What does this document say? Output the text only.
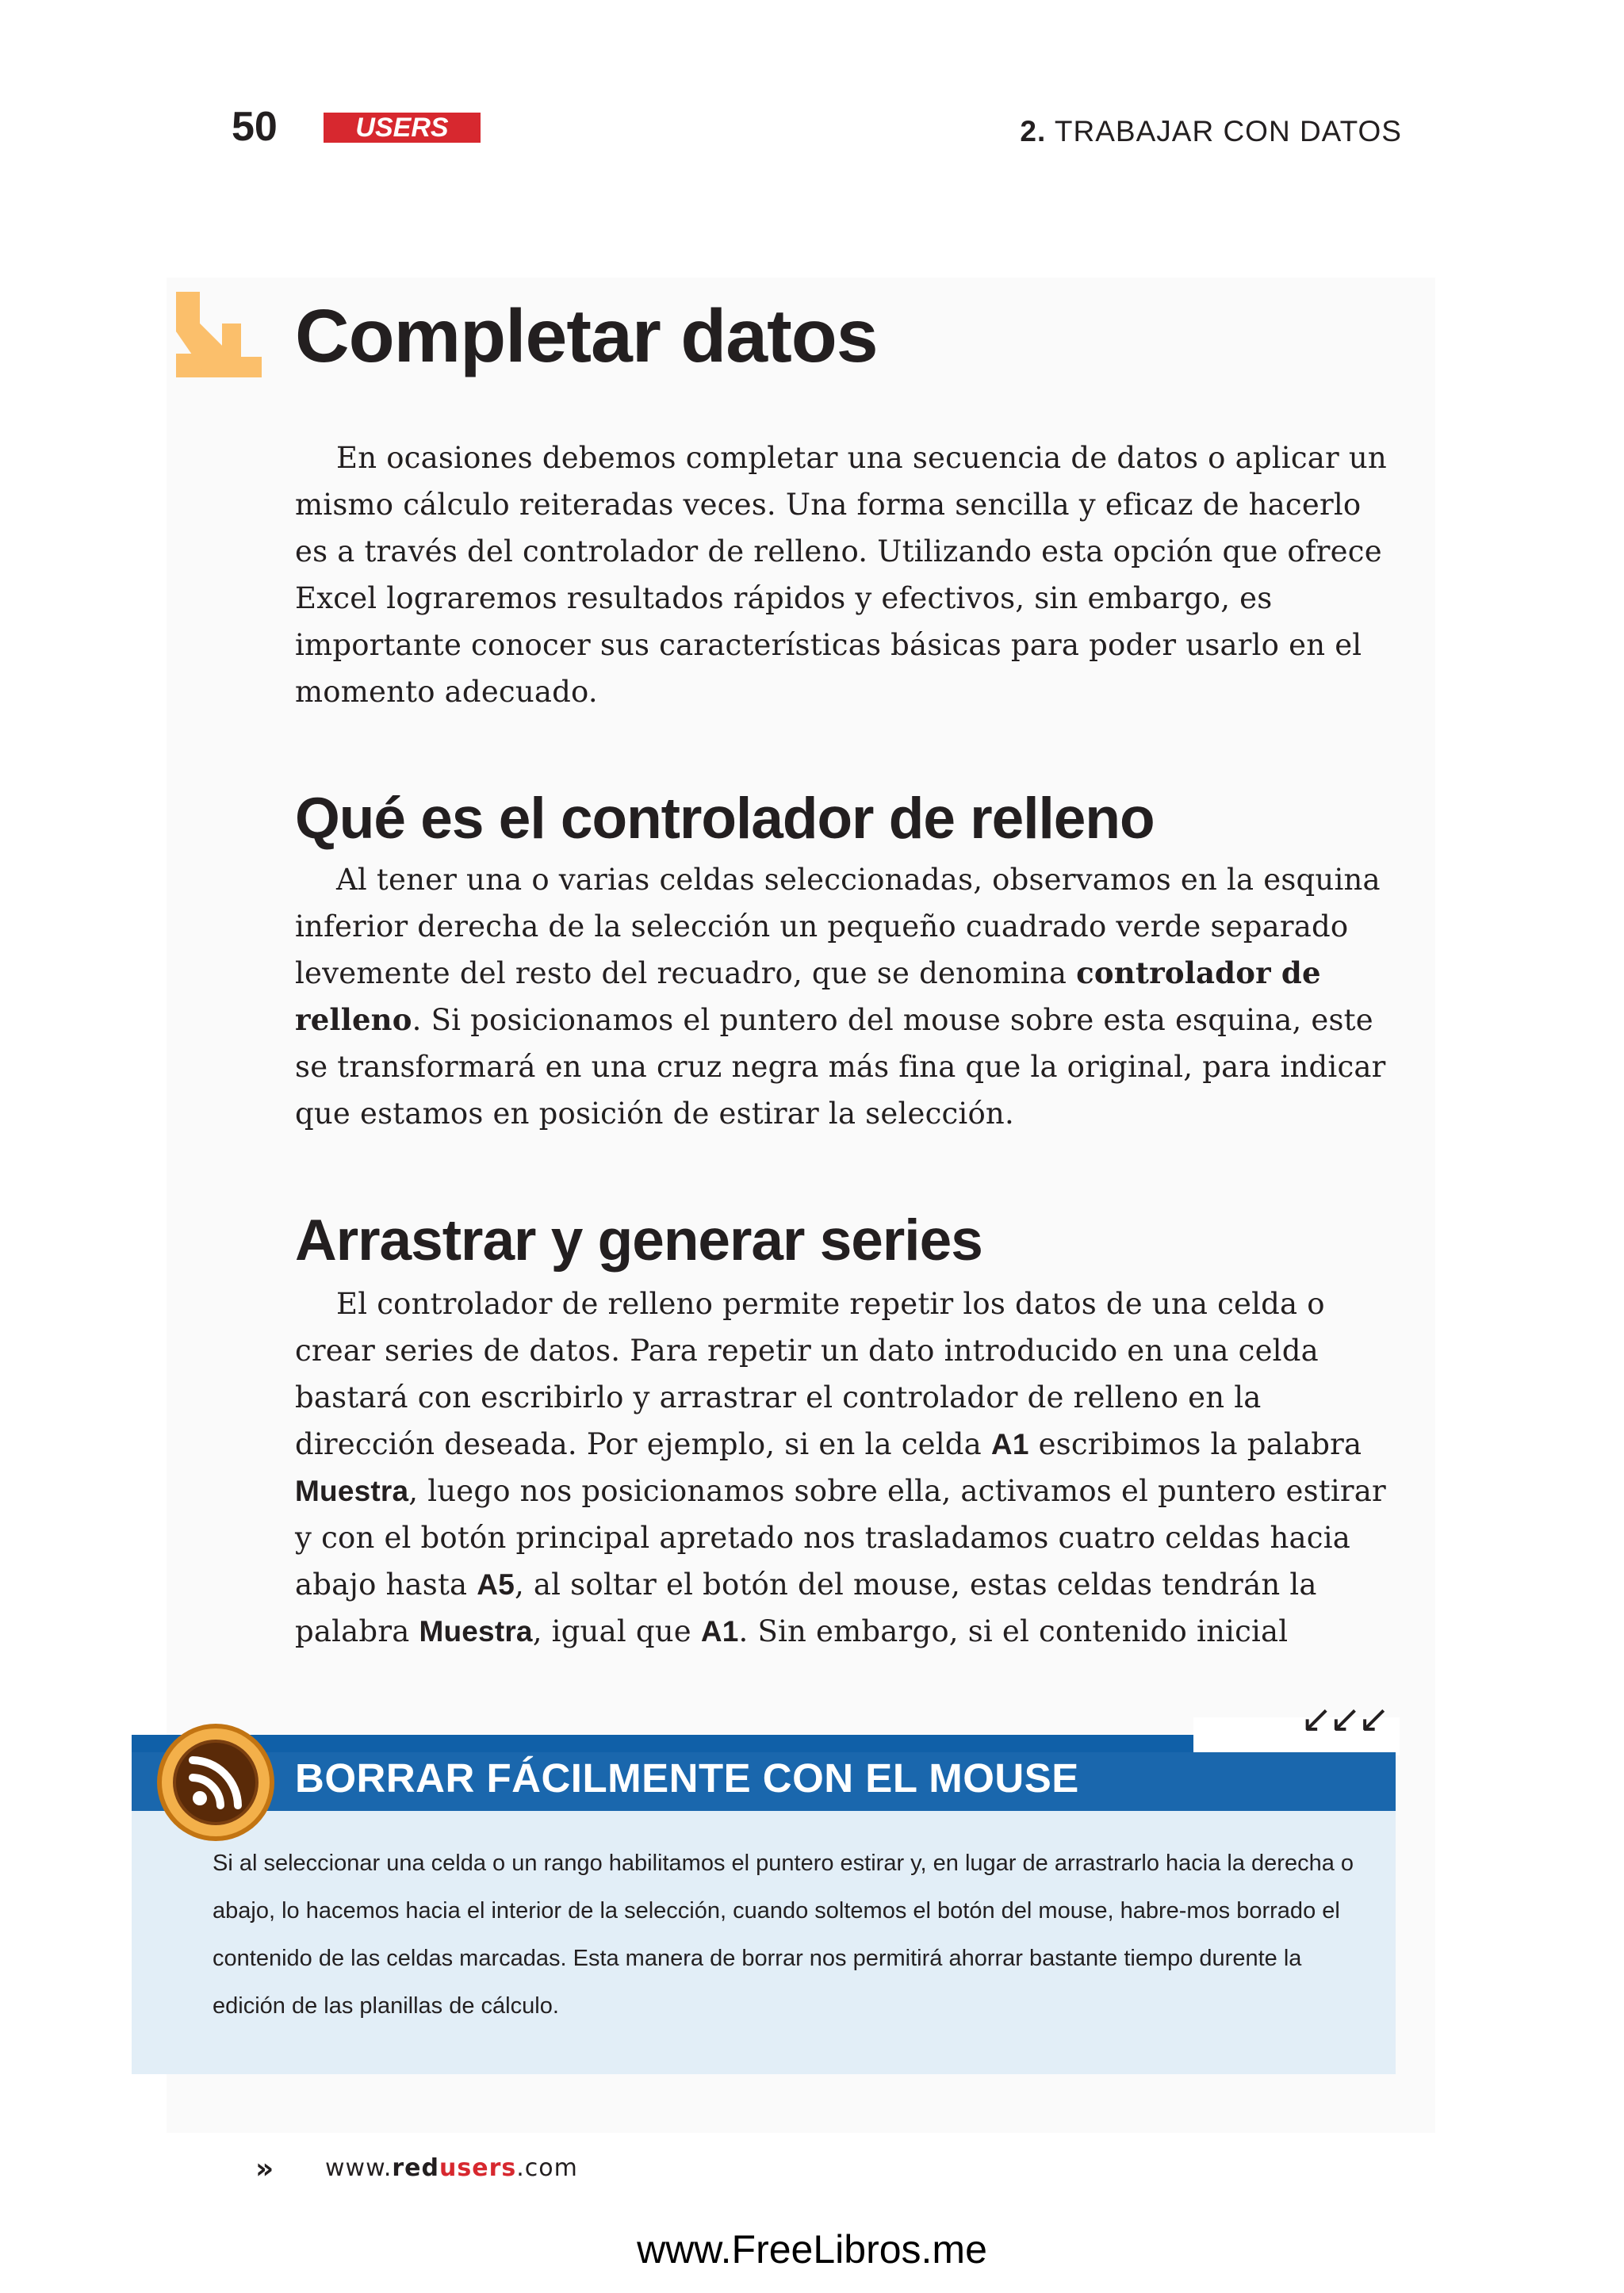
50	USERS	2. TRABAJAR CON DATOS
Completar datos

En ocasiones debemos completar una secuencia de datos o aplicar un mismo cálculo reiteradas veces. Una forma sencilla y eficaz de hacerlo es a través del controlador de relleno. Utilizando esta opción que ofrece Excel lograremos resultados rápidos y efectivos, sin embargo, es importante conocer sus características básicas para poder usarlo en el momento adecuado.

Qué es el controlador de relleno

Al tener una o varias celdas seleccionadas, observamos en la esquina inferior derecha de la selección un pequeño cuadrado verde separado levemente del resto del recuadro, que se denomina controlador de relleno. Si posicionamos el puntero del mouse sobre esta esquina, este se transformará en una cruz negra más fina que la original, para indicar que estamos en posición de estirar la selección.

Arrastrar y generar series

El controlador de relleno permite repetir los datos de una celda o crear series de datos. Para repetir un dato introducido en una celda bastará con escribirlo y arrastrar el controlador de relleno en la dirección deseada. Por ejemplo, si en la celda A1 escribimos la palabra Muestra, luego nos posicionamos sobre ella, activamos el puntero estirar y con el botón principal apretado nos trasladamos cuatro celdas hacia abajo hasta A5, al soltar el botón del mouse, estas celdas tendrán la palabra Muestra, igual que A1. Sin embargo, si el contenido inicial

↙↙↙
BORRAR FÁCILMENTE CON EL MOUSE

Si al seleccionar una celda o un rango habilitamos el puntero estirar y, en lugar de arrastrarlo hacia la derecha o abajo, lo hacemos hacia el interior de la selección, cuando soltemos el botón del mouse, habre-mos borrado el contenido de las celdas marcadas. Esta manera de borrar nos permitirá ahorrar bastante tiempo durente la edición de las planillas de cálculo.

» www.redusers.com
www.FreeLibros.me
